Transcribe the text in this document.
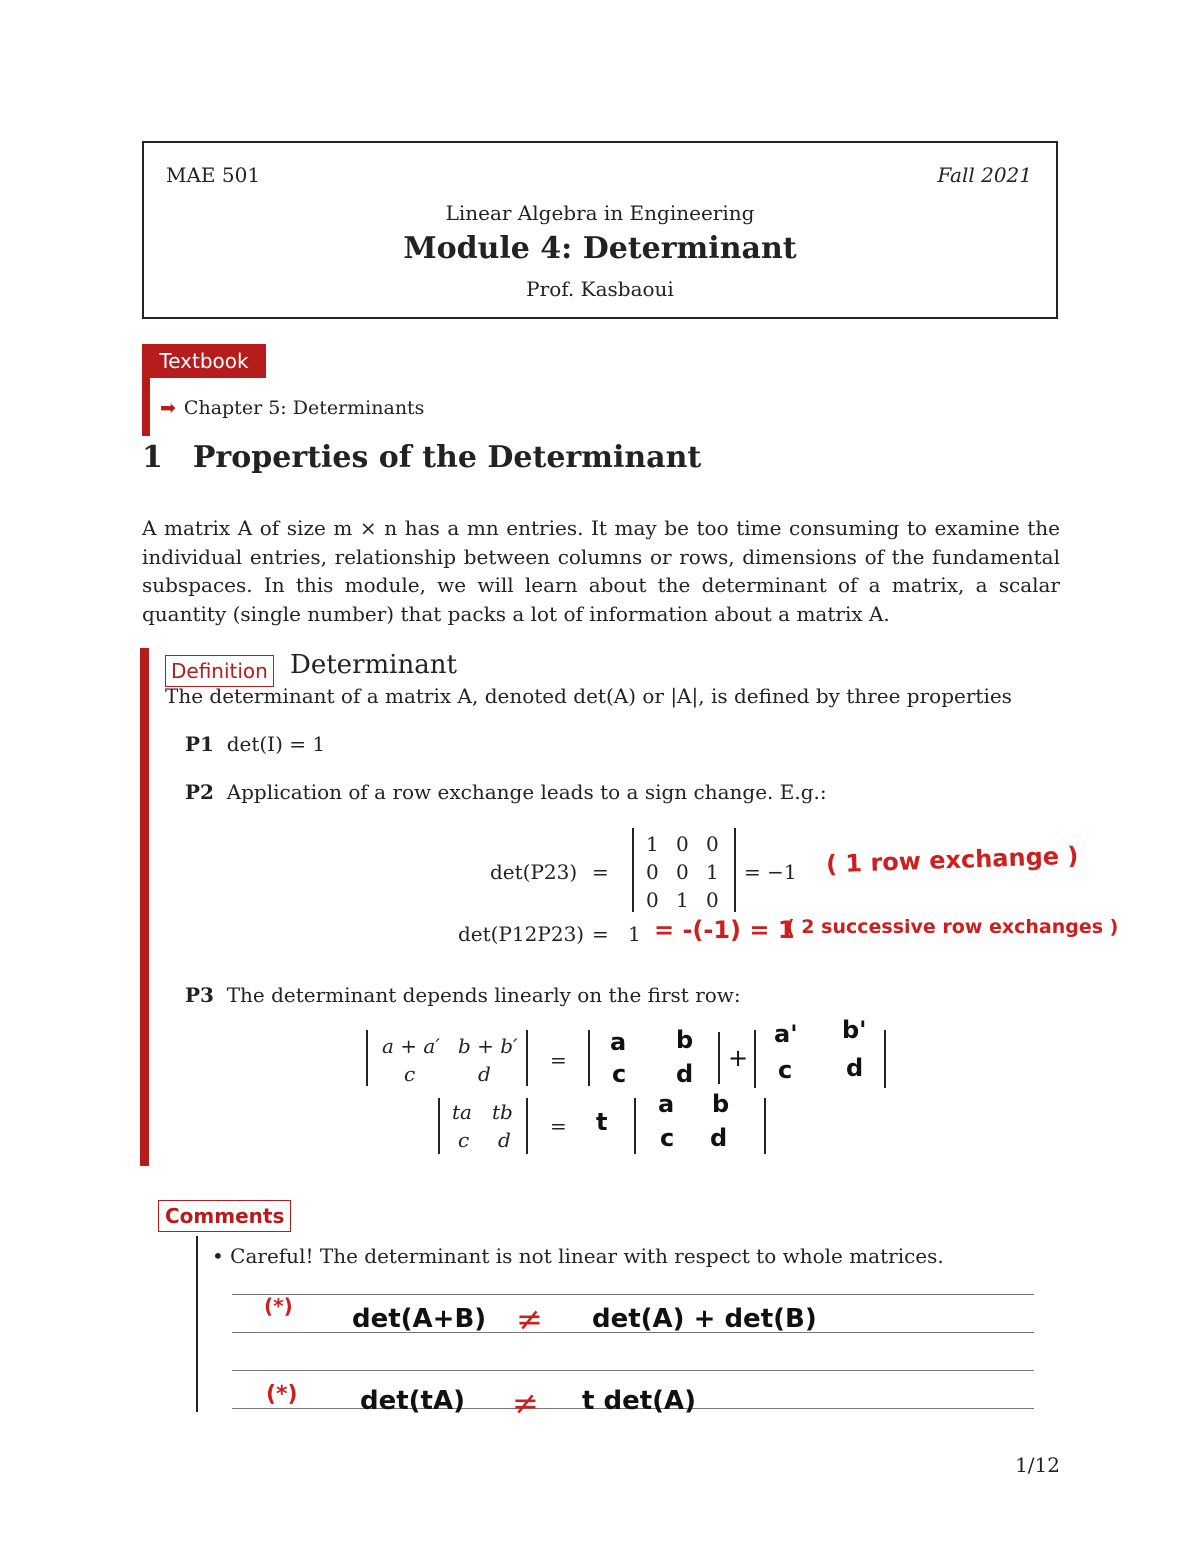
MAE 501	Fall 2021
Linear Algebra in Engineering
Module 4: Determinant
Prof. Kasbaoui
Textbook
➡ Chapter 5: Determinants
1 Properties of the Determinant
A matrix A of size m × n has a mn entries. It may be too time consuming to examine the individual entries, relationship between columns or rows, dimensions of the fundamental subspaces. In this module, we will learn about the determinant of a matrix, a scalar quantity (single number) that packs a lot of information about a matrix A.
Definition Determinant
The determinant of a matrix A, denoted det(A) or |A|, is defined by three properties
P1 det(I) = 1
P2 Application of a row exchange leads to a sign change. E.g.:
det(P23) =
1 0 0
0 0 1
0 1 0
= −1 ( 1 row exchange )
det(P12P23) = 1 = -(-1) = 1
( 2 successive row exchanges )
P3 The determinant depends linearly on the first row:
a + a′ b + b′
c	d
=
a b
c d
+
a' b'
c d
ta tb
c d
= t
a b
c d
Comments
• Careful! The determinant is not linear with respect to whole matrices.
(*) det(A+B) ≠ det(A) + det(B)
(*) det(tA) ≠ t det(A)
1/12
